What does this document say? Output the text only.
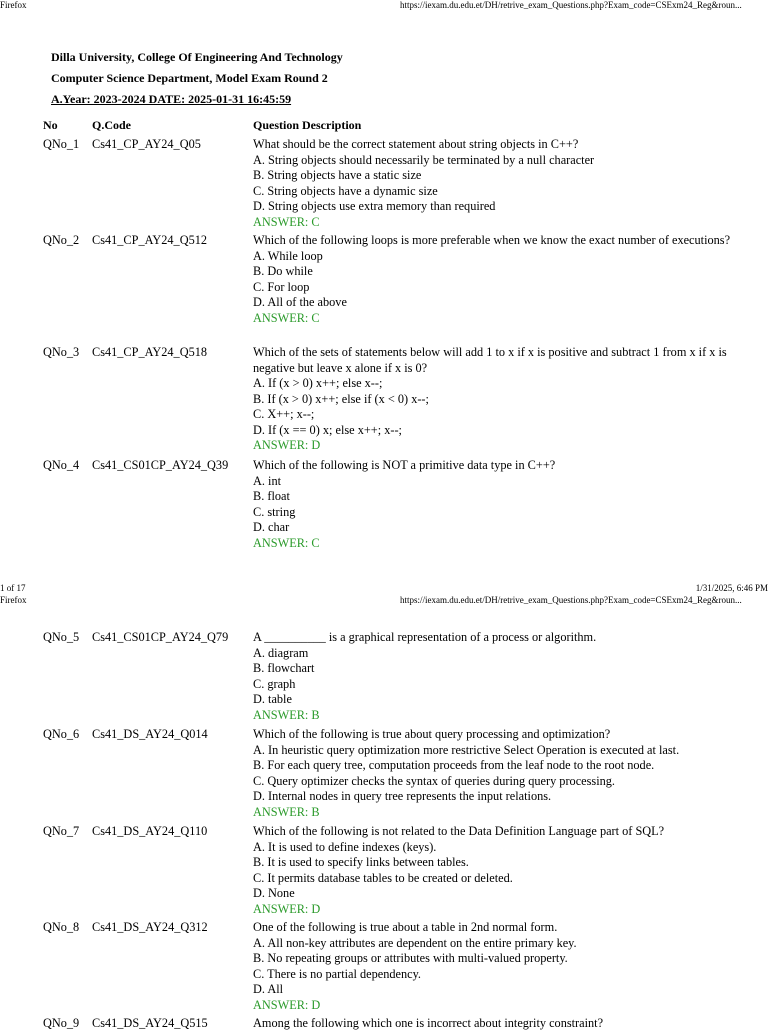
Firefox	https://iexam.du.edu.et/DH/retrive_exam_Questions.php?Exam_code=CSExm24_Reg&roun...
Dilla University, College Of Engineering And Technology
Computer Science Department, Model Exam Round 2
A.Year: 2023-2024 DATE: 2025-01-31 16:45:59
No	Q.Code	Question Description
QNo_1 Cs41_CP_AY24_Q05	What should be the correct statement about string objects in C++?
A. String objects should necessarily be terminated by a null character
B. String objects have a static size
C. String objects have a dynamic size
D. String objects use extra memory than required
ANSWER: C
QNo_2 Cs41_CP_AY24_Q512	Which of the following loops is more preferable when we know the exact number of executions?
A. While loop
B. Do while
C. For loop
D. All of the above
ANSWER: C
QNo_3 Cs41_CP_AY24_Q518	Which of the sets of statements below will add 1 to x if x is positive and subtract 1 from x if x is negative but leave x alone if x is 0?
A. If (x > 0) x++; else x--;
B. If (x > 0) x++; else if (x < 0) x--;
C. X++; x--;
D. If (x == 0) x; else x++; x--;
ANSWER: D
QNo_4 Cs41_CS01CP_AY24_Q39 Which of the following is NOT a primitive data type in C++?
A. int
B. float
C. string
D. char
ANSWER: C
1 of 17	1/31/2025, 6:46 PM
Firefox	https://iexam.du.edu.et/DH/retrive_exam_Questions.php?Exam_code=CSExm24_Reg&roun...
QNo_5 Cs41_CS01CP_AY24_Q79 A __________ is a graphical representation of a process or algorithm.
A. diagram
B. flowchart
C. graph
D. table
ANSWER: B
QNo_6 Cs41_DS_AY24_Q014	Which of the following is true about query processing and optimization?
A. In heuristic query optimization more restrictive Select Operation is executed at last.
B. For each query tree, computation proceeds from the leaf node to the root node.
C. Query optimizer checks the syntax of queries during query processing.
D. Internal nodes in query tree represents the input relations.
ANSWER: B
QNo_7 Cs41_DS_AY24_Q110	Which of the following is not related to the Data Definition Language part of SQL?
A. It is used to define indexes (keys).
B. It is used to specify links between tables.
C. It permits database tables to be created or deleted.
D. None
ANSWER: D
QNo_8 Cs41_DS_AY24_Q312	One of the following is true about a table in 2nd normal form.
A. All non-key attributes are dependent on the entire primary key.
B. No repeating groups or attributes with multi-valued property.
C. There is no partial dependency.
D. All
ANSWER: D
QNo_9 Cs41_DS_AY24_Q515	Among the following which one is incorrect about integrity constraint?
